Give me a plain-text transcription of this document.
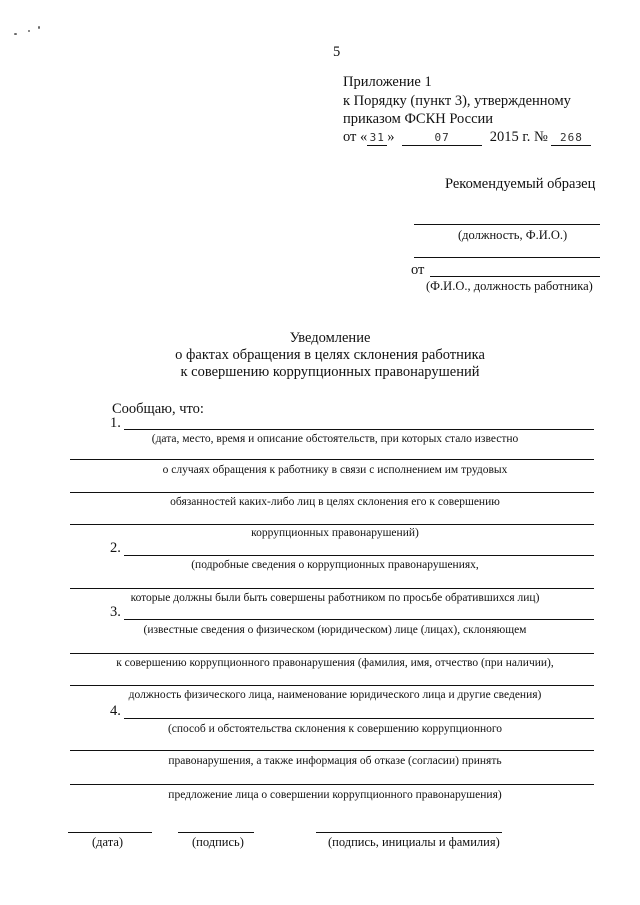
5
Приложение 1
к Порядку (пункт 3), утвержденному
приказом ФСКН России
от « 31 »	07	2015 г. № 268
Рекомендуемый образец
(должность, Ф.И.О.)
от
(Ф.И.О., должность работника)
Уведомление
о фактах обращения в целях склонения работника
к совершению коррупционных правонарушений
Сообщаю, что:
1.
(дата, место, время и описание обстоятельств, при которых стало известно
о случаях обращения к работнику в связи с исполнением им трудовых
обязанностей каких-либо лиц в целях склонения его к совершению
коррупционных правонарушений)
2.
(подробные сведения о коррупционных правонарушениях,
которые должны были быть совершены работником по просьбе обратившихся лиц)
3.
(известные сведения о физическом (юридическом) лице (лицах), склоняющем
к совершению коррупционного правонарушения (фамилия, имя, отчество (при наличии),
должность физического лица, наименование юридического лица и другие сведения)
4.
(способ и обстоятельства склонения к совершению коррупционного
правонарушения, а также информация об отказе (согласии) принять
предложение лица о совершении коррупционного правонарушения)
(дата)	(подпись)	(подпись, инициалы и фамилия)
